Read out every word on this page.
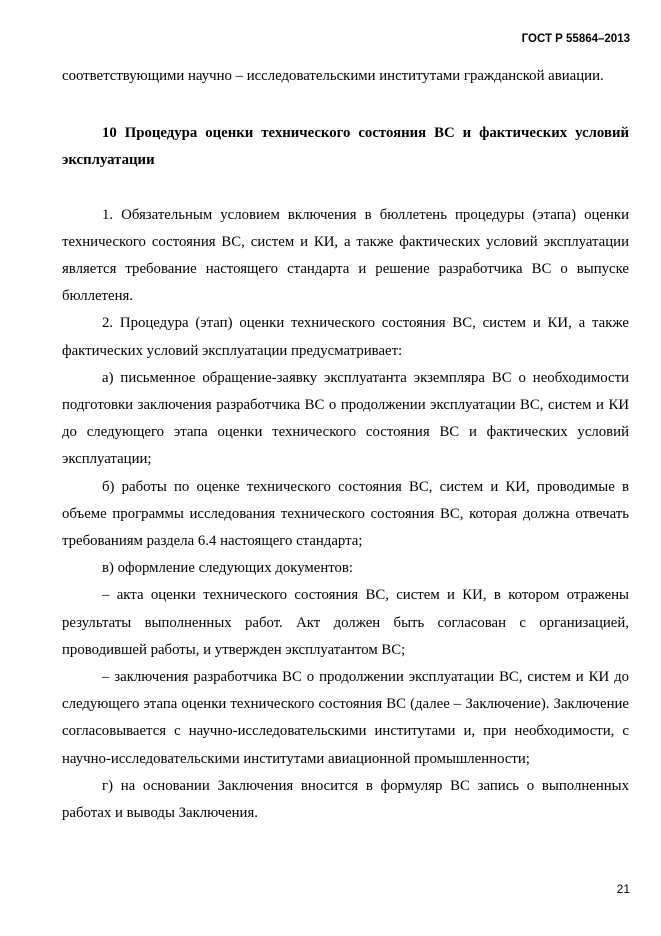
ГОСТ Р 55864–2013

соответствующими научно – исследовательскими институтами гражданской авиации.

10 Процедура оценки технического состояния ВС и фактических условий эксплуатации

1. Обязательным условием включения в бюллетень процедуры (этапа) оценки технического состояния ВС, систем и КИ, а также фактических условий эксплуатации является требование настоящего стандарта и решение разработчика ВС о выпуске бюллетеня.

2. Процедура (этап) оценки технического состояния ВС, систем и КИ, а также фактических условий эксплуатации предусматривает:

а) письменное обращение-заявку эксплуатанта экземпляра ВС о необходимости подготовки заключения разработчика ВС о продолжении эксплуатации ВС, систем и КИ до следующего этапа оценки технического состояния ВС и фактических условий эксплуатации;

б) работы по оценке технического состояния ВС, систем и КИ, проводимые в объеме программы исследования технического состояния ВС, которая должна отвечать требованиям раздела 6.4 настоящего стандарта;

в) оформление следующих документов:

– акта оценки технического состояния ВС, систем и КИ, в котором отражены результаты выполненных работ. Акт должен быть согласован с организацией, проводившей работы, и утвержден эксплуатантом ВС;

– заключения разработчика ВС о продолжении эксплуатации ВС, систем и КИ до следующего этапа оценки технического состояния ВС (далее – Заключение). Заключение согласовывается с научно-исследовательскими институтами и, при необходимости, с научно-исследовательскими институтами авиационной промышленности;

г) на основании Заключения вносится в формуляр ВС запись о выполненных работах и выводы Заключения.

21
